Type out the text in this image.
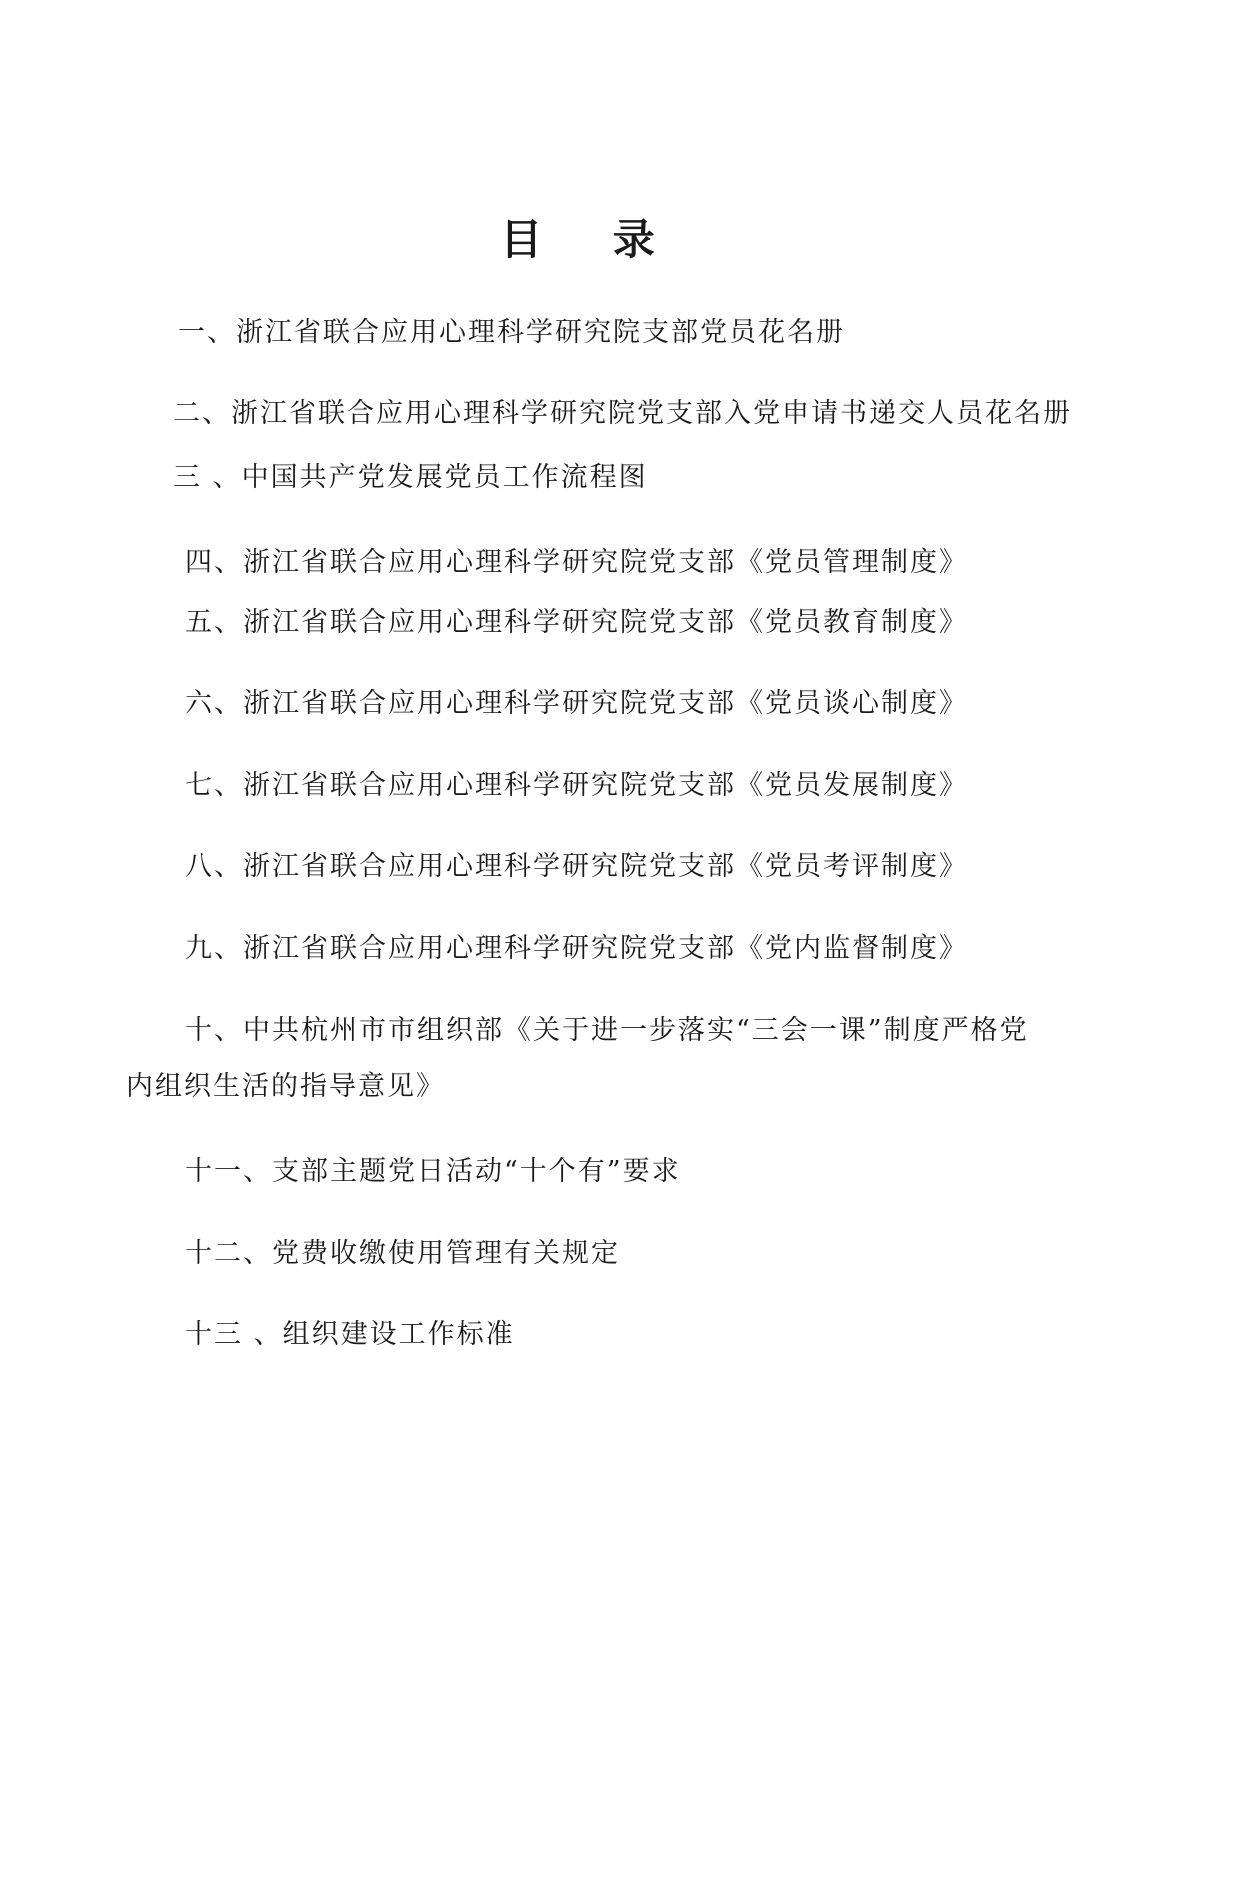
目 录
一、浙江省联合应用心理科学研究院支部党员花名册
二、浙江省联合应用心理科学研究院党支部入党申请书递交人员花名册
三 、中国共产党发展党员工作流程图
四、浙江省联合应用心理科学研究院党支部《党员管理制度》
五、浙江省联合应用心理科学研究院党支部《党员教育制度》
六、浙江省联合应用心理科学研究院党支部《党员谈心制度》
七、浙江省联合应用心理科学研究院党支部《党员发展制度》
八、浙江省联合应用心理科学研究院党支部《党员考评制度》
九、浙江省联合应用心理科学研究院党支部《党内监督制度》
十、中共杭州市市组织部《关于进一步落实“三会一课”制度严格党
内组织生活的指导意见》
十一、支部主题党日活动“十个有”要求
十二、党费收缴使用管理有关规定
十三 、组织建设工作标准
